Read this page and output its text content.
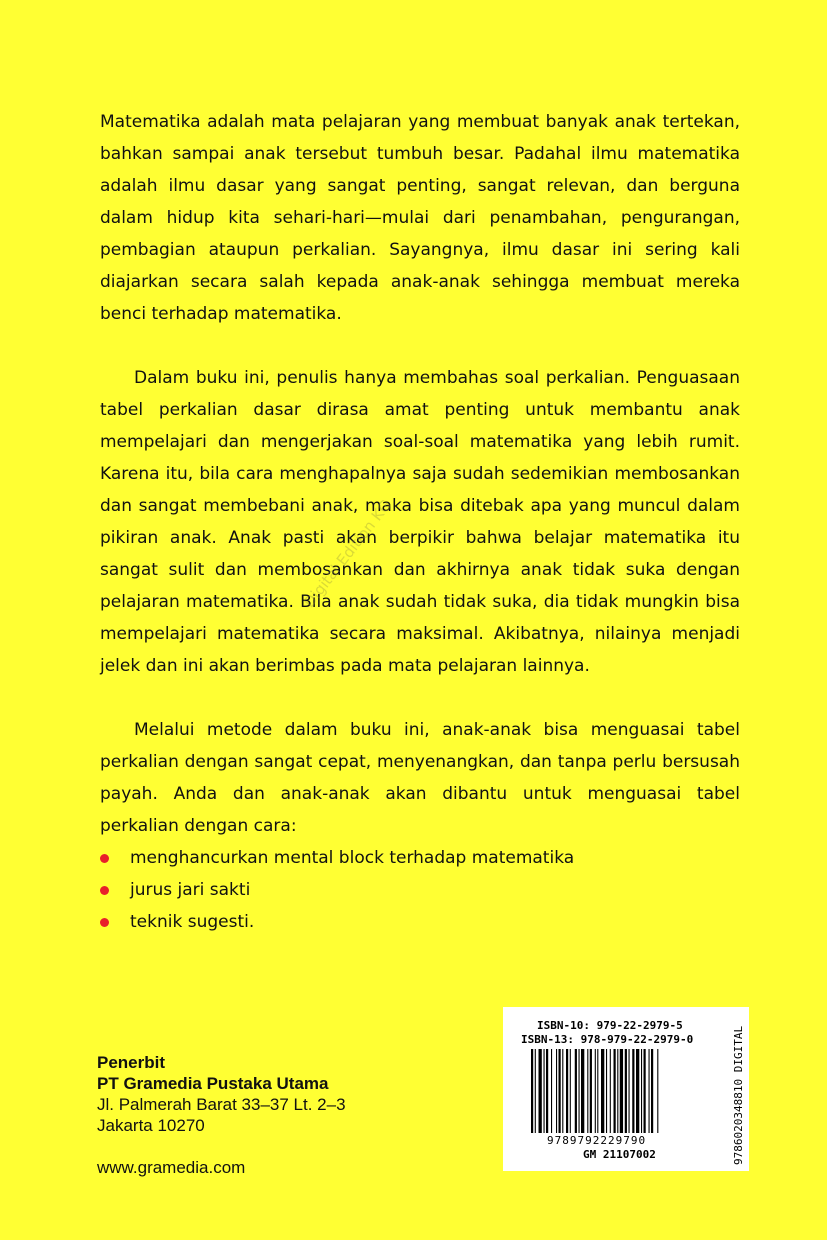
Matematika adalah mata pelajaran yang membuat banyak anak tertekan, bahkan sampai anak tersebut tumbuh besar. Padahal ilmu matematika adalah ilmu dasar yang sangat penting, sangat relevan, dan berguna dalam hidup kita sehari-hari—mulai dari penambahan, pengurangan, pembagian ataupun perkalian. Sayangnya, ilmu dasar ini sering kali diajarkan secara salah kepada anak-anak sehingga membuat mereka benci terhadap matematika.

Dalam buku ini, penulis hanya membahas soal perkalian. Penguasaan tabel perkalian dasar dirasa amat penting untuk membantu anak mempelajari dan mengerjakan soal-soal matematika yang lebih rumit. Karena itu, bila cara menghapalnya saja sudah sedemikian membosankan dan sangat membebani anak, maka bisa ditebak apa yang muncul dalam pikiran anak. Anak pasti akan berpikir bahwa belajar matematika itu sangat sulit dan membosankan dan akhirnya anak tidak suka dengan pelajaran matematika. Bila anak sudah tidak suka, dia tidak mungkin bisa mempelajari matematika secara maksimal. Akibatnya, nilainya menjadi jelek dan ini akan berimbas pada mata pelajaran lainnya.

Melalui metode dalam buku ini, anak-anak bisa menguasai tabel perkalian dengan sangat cepat, menyenangkan, dan tanpa perlu bersusah payah. Anda dan anak-anak akan dibantu untuk menguasai tabel perkalian dengan cara:

menghancurkan mental block terhadap matematika
jurus jari sakti
teknik sugesti.
Digital Edition KG
Penerbit
PT Gramedia Pustaka Utama
Jl. Palmerah Barat 33–37 Lt. 2–3
Jakarta 10270
www.gramedia.com
ISBN-10: 979-22-2979-5
ISBN-13: 978-979-22-2979-0
9789792229790
GM 21107002	9786020348810 DIGITAL
